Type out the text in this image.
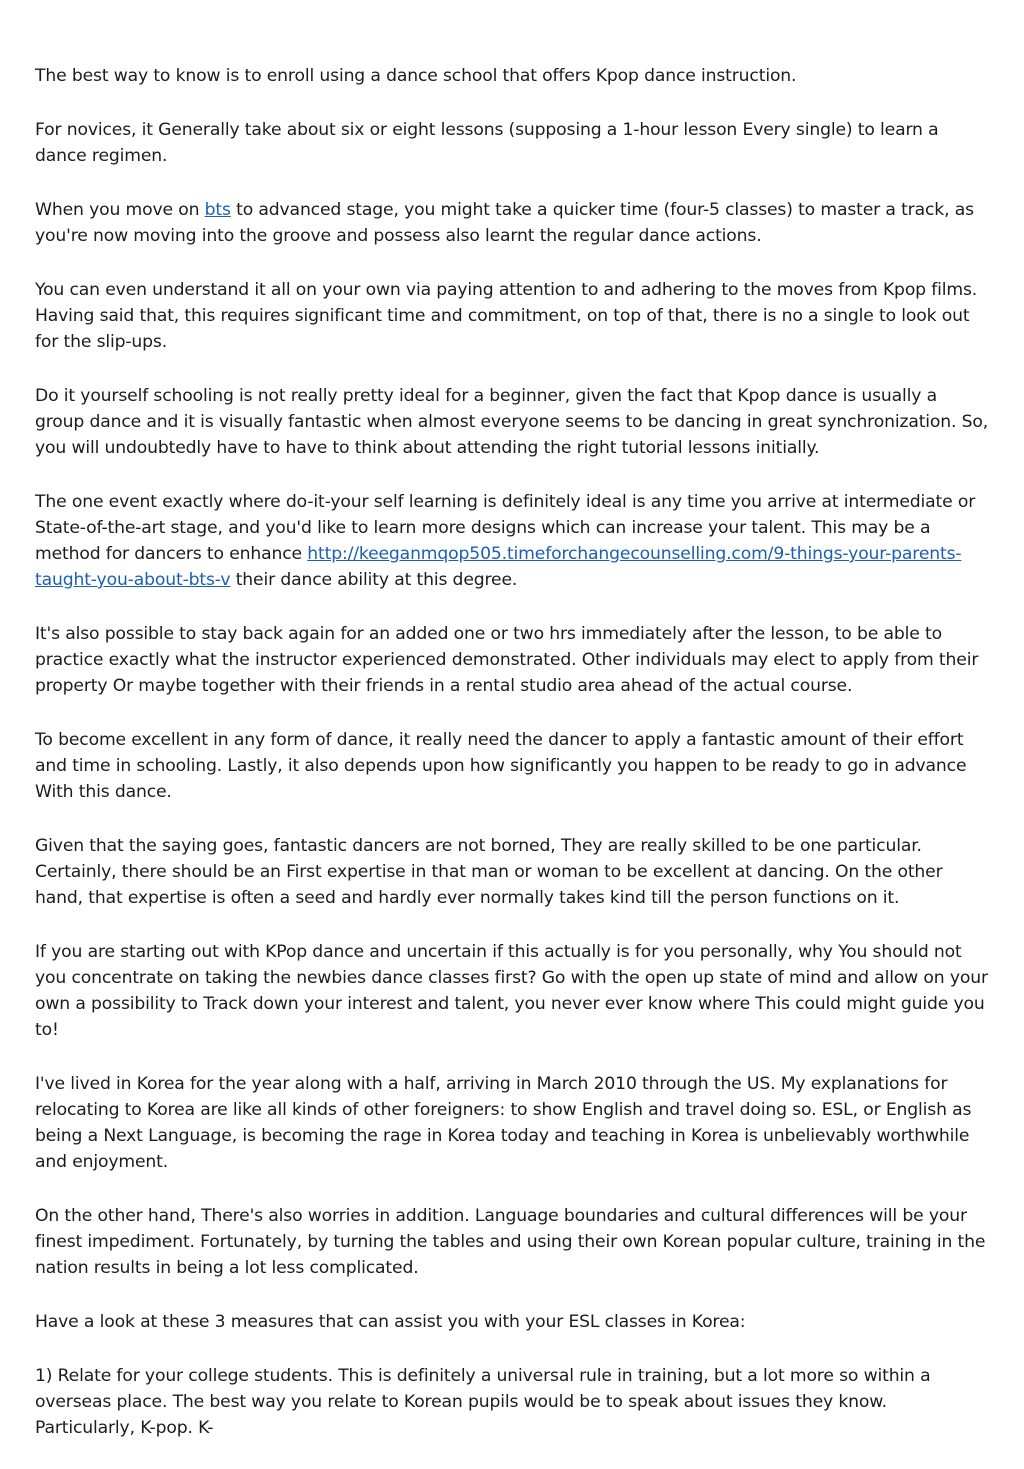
The best way to know is to enroll using a dance school that offers Kpop dance instruction.

For novices, it Generally take about six or eight lessons (supposing a 1-hour lesson Every single) to learn a dance regimen.

When you move on bts to advanced stage, you might take a quicker time (four-5 classes) to master a track, as you're now moving into the groove and possess also learnt the regular dance actions.

You can even understand it all on your own via paying attention to and adhering to the moves from Kpop films. Having said that, this requires significant time and commitment, on top of that, there is no a single to look out for the slip-ups.

Do it yourself schooling is not really pretty ideal for a beginner, given the fact that Kpop dance is usually a group dance and it is visually fantastic when almost everyone seems to be dancing in great synchronization. So, you will undoubtedly have to have to think about attending the right tutorial lessons initially.

The one event exactly where do-it-your self learning is definitely ideal is any time you arrive at intermediate or State-of-the-art stage, and you'd like to learn more designs which can increase your talent. This may be a method for dancers to enhance http://keeganmqop505.timeforchangecounselling.com/9-things-your-parents-taught-you-about-bts-v their dance ability at this degree.

It's also possible to stay back again for an added one or two hrs immediately after the lesson, to be able to practice exactly what the instructor experienced demonstrated. Other individuals may elect to apply from their property Or maybe together with their friends in a rental studio area ahead of the actual course.

To become excellent in any form of dance, it really need the dancer to apply a fantastic amount of their effort and time in schooling. Lastly, it also depends upon how significantly you happen to be ready to go in advance With this dance.

Given that the saying goes, fantastic dancers are not borned, They are really skilled to be one particular. Certainly, there should be an First expertise in that man or woman to be excellent at dancing. On the other hand, that expertise is often a seed and hardly ever normally takes kind till the person functions on it.

If you are starting out with KPop dance and uncertain if this actually is for you personally, why You should not you concentrate on taking the newbies dance classes first? Go with the open up state of mind and allow on your own a possibility to Track down your interest and talent, you never ever know where This could might guide you to!

I've lived in Korea for the year along with a half, arriving in March 2010 through the US. My explanations for relocating to Korea are like all kinds of other foreigners: to show English and travel doing so. ESL, or English as being a Next Language, is becoming the rage in Korea today and teaching in Korea is unbelievably worthwhile and enjoyment.

On the other hand, There's also worries in addition. Language boundaries and cultural differences will be your finest impediment. Fortunately, by turning the tables and using their own Korean popular culture, training in the nation results in being a lot less complicated.

Have a look at these 3 measures that can assist you with your ESL classes in Korea:

1) Relate for your college students. This is definitely a universal rule in training, but a lot more so within a overseas place. The best way you relate to Korean pupils would be to speak about issues they know. Particularly, K-pop. K-
